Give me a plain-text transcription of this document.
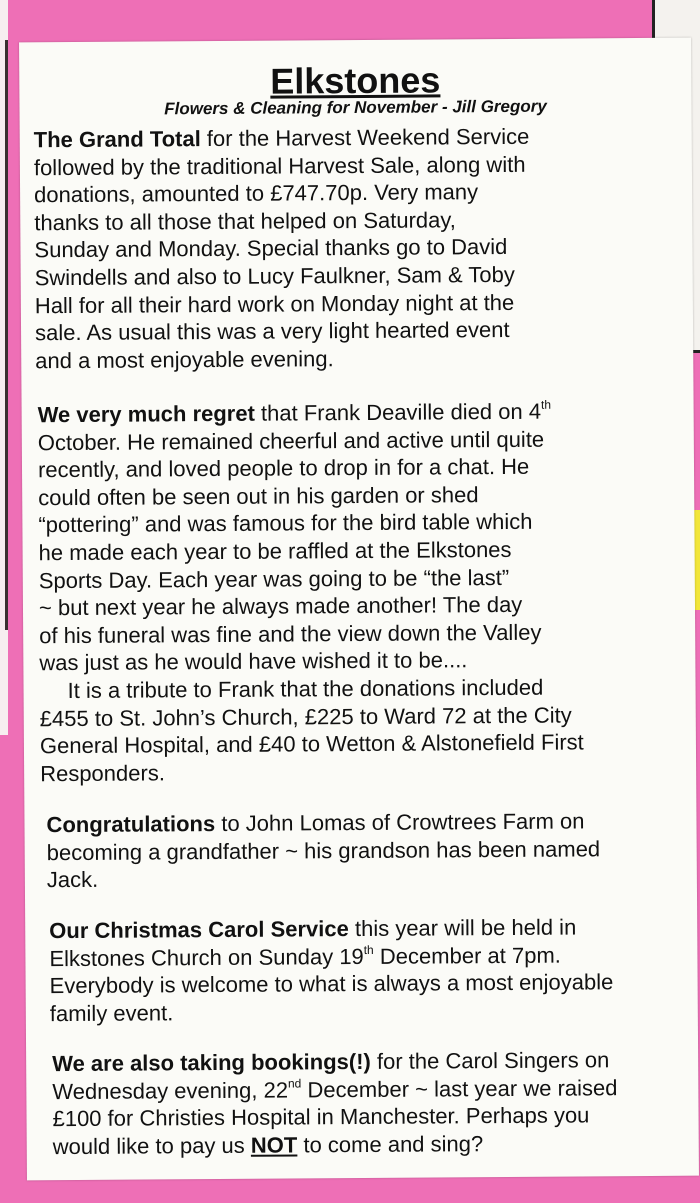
Elkstones
Flowers & Cleaning for November - Jill Gregory
The Grand Total for the Harvest Weekend Service
followed by the traditional Harvest Sale, along with
donations, amounted to £747.70p. Very many
thanks to all those that helped on Saturday,
Sunday and Monday. Special thanks go to David
Swindells and also to Lucy Faulkner, Sam & Toby
Hall for all their hard work on Monday night at the
sale. As usual this was a very light hearted event
and a most enjoyable evening.
We very much regret that Frank Deaville died on 4th
October. He remained cheerful and active until quite
recently, and loved people to drop in for a chat. He
could often be seen out in his garden or shed
“pottering” and was famous for the bird table which
he made each year to be raffled at the Elkstones
Sports Day. Each year was going to be “the last”
~ but next year he always made another! The day
of his funeral was fine and the view down the Valley
was just as he would have wished it to be....
It is a tribute to Frank that the donations included
£455 to St. John’s Church, £225 to Ward 72 at the City
General Hospital, and £40 to Wetton & Alstonefield First
Responders.
Congratulations to John Lomas of Crowtrees Farm on
becoming a grandfather ~ his grandson has been named
Jack.
Our Christmas Carol Service this year will be held in
Elkstones Church on Sunday 19th December at 7pm.
Everybody is welcome to what is always a most enjoyable
family event.
We are also taking bookings(!) for the Carol Singers on
Wednesday evening, 22nd December ~ last year we raised
£100 for Christies Hospital in Manchester. Perhaps you
would like to pay us NOT to come and sing?
